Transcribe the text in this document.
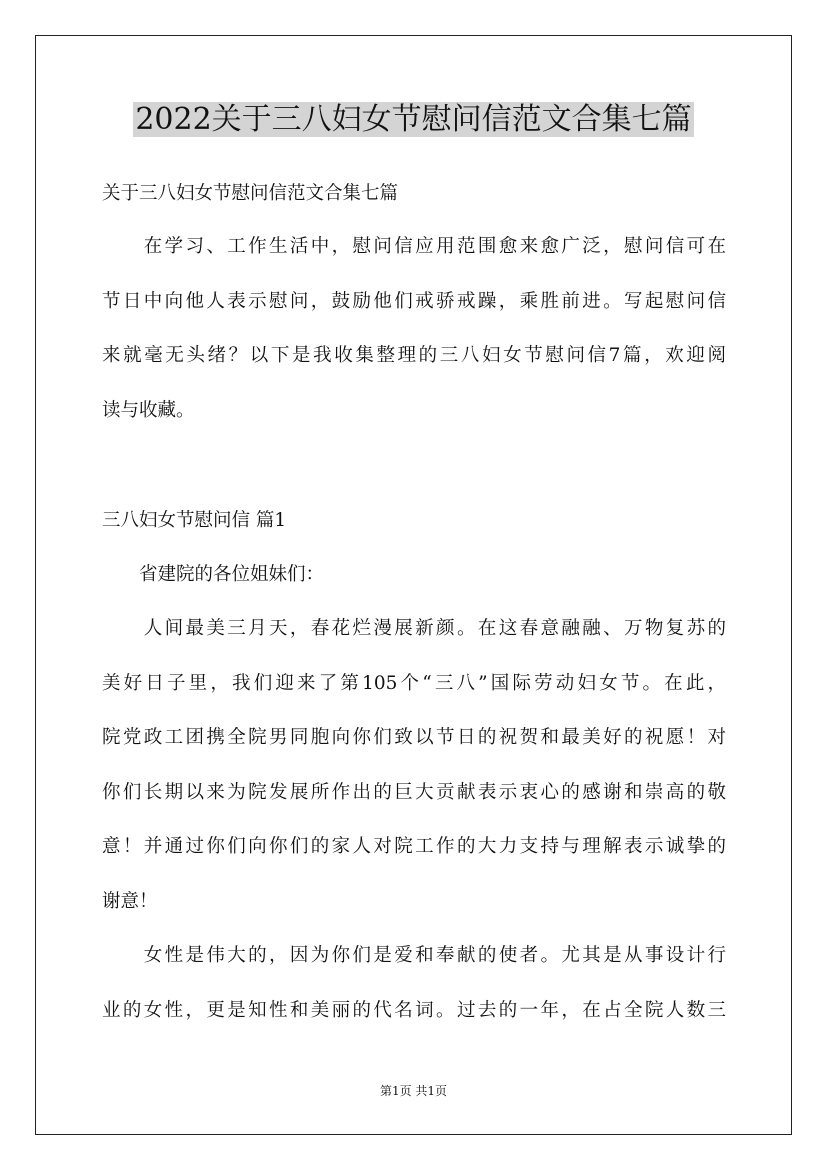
2022关于三八妇女节慰问信范文合集七篇

关于三八妇女节慰问信范文合集七篇

　　在学习、工作生活中，慰问信应用范围愈来愈广泛，慰问信可在

节日中向他人表示慰问，鼓励他们戒骄戒躁，乘胜前进。写起慰问信

来就毫无头绪？以下是我收集整理的三八妇女节慰问信7篇，欢迎阅

读与收藏。

三八妇女节慰问信 篇1

　　省建院的各位姐妹们：

　　人间最美三月天，春花烂漫展新颜。在这春意融融、万物复苏的

美好日子里，我们迎来了第105个“三八”国际劳动妇女节。在此，

院党政工团携全院男同胞向你们致以节日的祝贺和最美好的祝愿！对

你们长期以来为院发展所作出的巨大贡献表示衷心的感谢和崇高的敬

意！并通过你们向你们的家人对院工作的大力支持与理解表示诚挚的

谢意！

　　女性是伟大的，因为你们是爱和奉献的使者。尤其是从事设计行

业的女性，更是知性和美丽的代名词。过去的一年，在占全院人数三

第1页 共1页
